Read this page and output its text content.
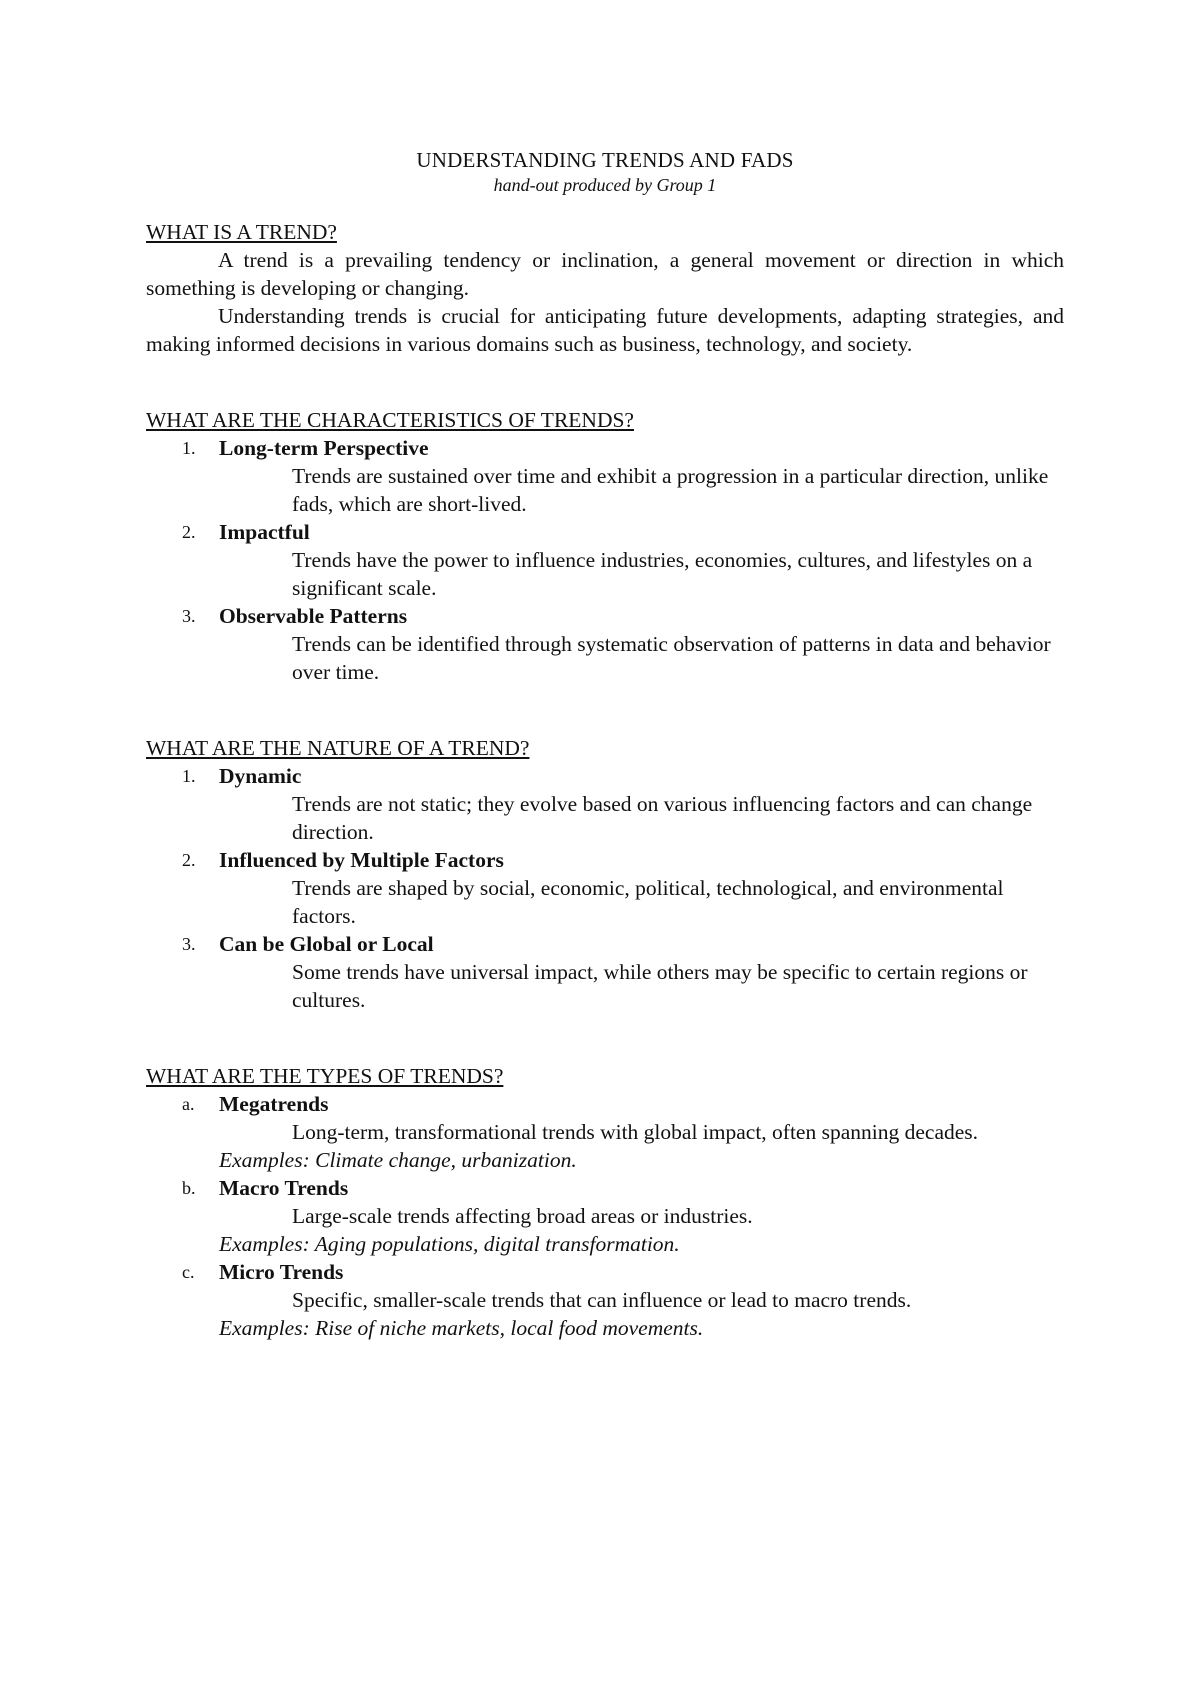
UNDERSTANDING TRENDS AND FADS
hand-out produced by Group 1
WHAT IS A TREND?

A trend is a prevailing tendency or inclination, a general movement or direction in which something is developing or changing.

Understanding trends is crucial for anticipating future developments, adapting strategies, and making informed decisions in various domains such as business, technology, and society.

WHAT ARE THE CHARACTERISTICS OF TRENDS?
1.	Long-term Perspective
Trends are sustained over time and exhibit a progression in a particular direction, unlike fads, which are short-lived.
2.	Impactful
Trends have the power to influence industries, economies, cultures, and lifestyles on a significant scale.
3.	Observable Patterns
Trends can be identified through systematic observation of patterns in data and behavior over time.
WHAT ARE THE NATURE OF A TREND?
1.	Dynamic
Trends are not static; they evolve based on various influencing factors and can change direction.
2.	Influenced by Multiple Factors
Trends are shaped by social, economic, political, technological, and environmental factors.
3.	Can be Global or Local
Some trends have universal impact, while others may be specific to certain regions or cultures.
WHAT ARE THE TYPES OF TRENDS?
a.	Megatrends
Long-term, transformational trends with global impact, often spanning decades.
Examples: Climate change, urbanization.
b.	Macro Trends
Large-scale trends affecting broad areas or industries.
Examples: Aging populations, digital transformation.
c.	Micro Trends
Specific, smaller-scale trends that can influence or lead to macro trends.
Examples: Rise of niche markets, local food movements.
